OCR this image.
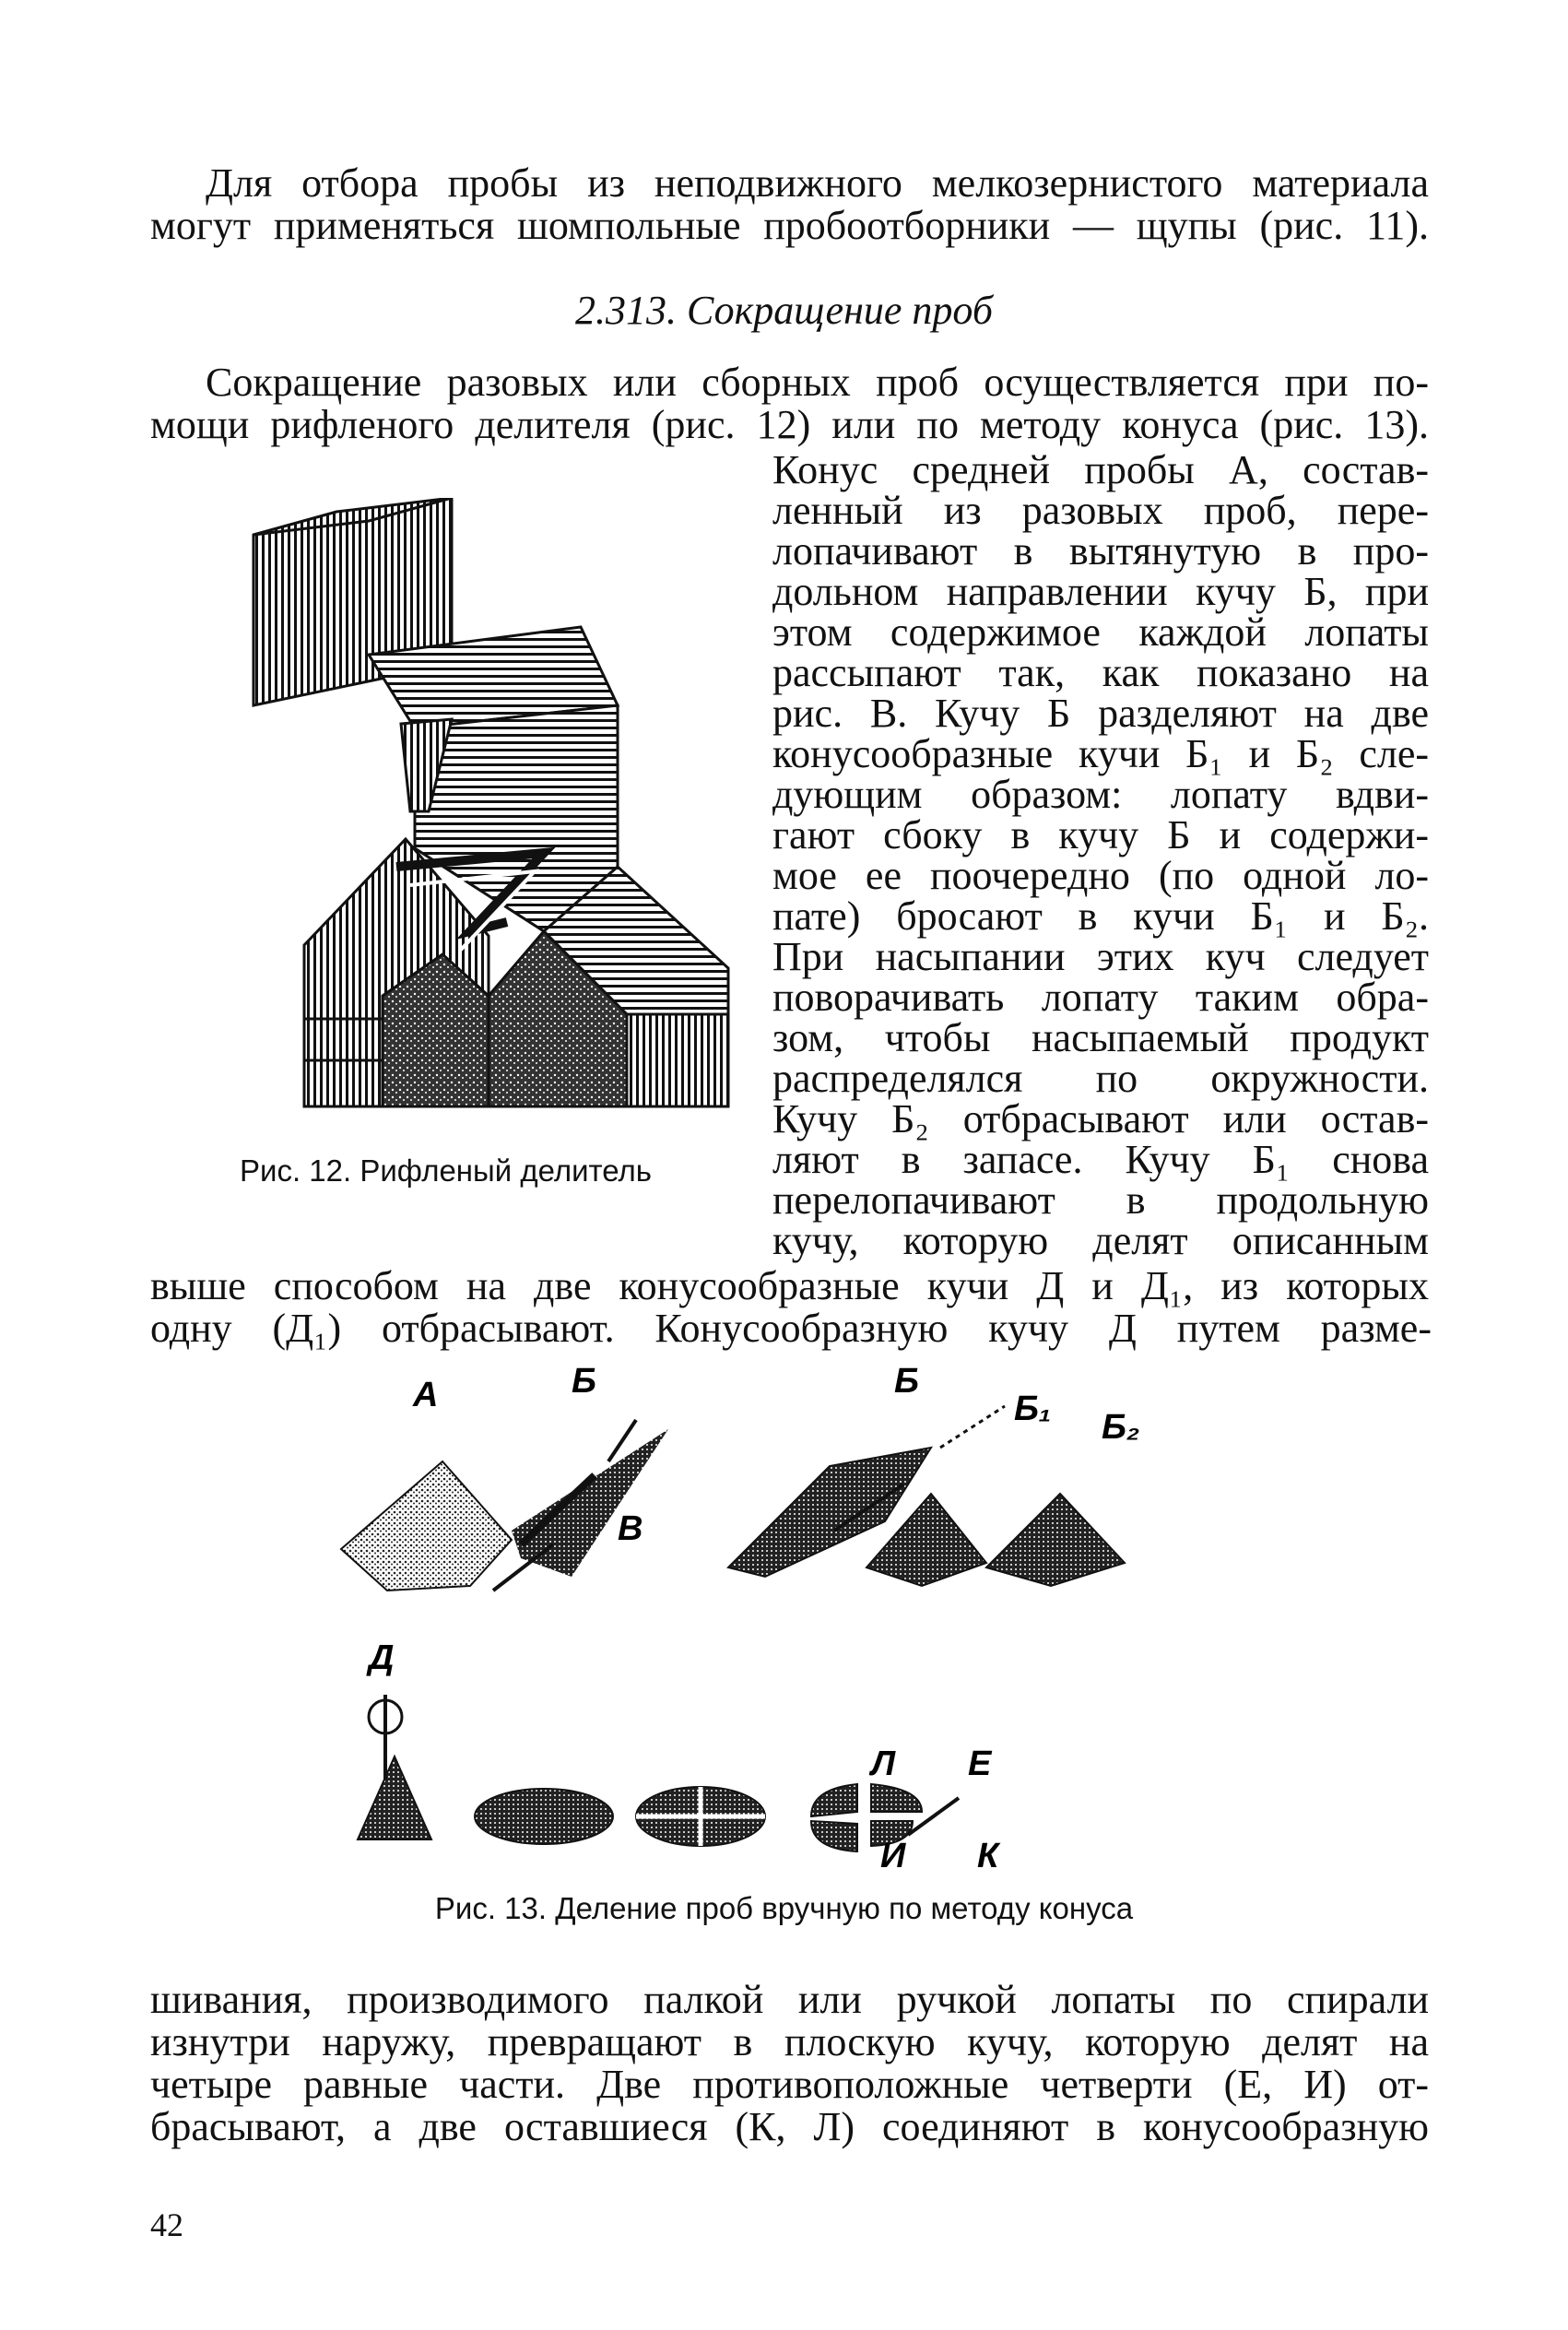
Для отбора пробы из неподвижного мелкозернистого материала
могут применяться шомпольные пробоотборники — щупы (рис. 11).
2.313. Сокращение проб
Сокращение разовых или сборных проб осуществляется при по-
мощи рифленого делителя (рис. 12) или по методу конуса (рис. 13).
Конус средней пробы А, состав-
ленный из разовых проб, пере-
лопачивают в вытянутую в про-
дольном направлении кучу Б, при
этом содержимое каждой лопаты
рассыпают так, как показано на
рис. В. Кучу Б разделяют на две
конусообразные кучи Б₁ и Б₂ сле-
дующим образом: лопату вдви-
гают сбоку в кучу Б и содержи-
мое ее поочередно (по одной ло-
пате) бросают в кучи Б₁ и Б₂.
При насыпании этих куч следует
поворачивать лопату таким обра-
зом, чтобы насыпаемый продукт
распределялся по окружности.
Кучу Б₂ отбрасывают или остав-
ляют в запасе. Кучу Б₁ снова
перелопачивают в продольную
кучу, которую делят описанным
выше способом на две конусообразные кучи Д и Д₁, из которых
одну (Д₁) отбрасывают. Конусообразную кучу Д путем разме-
Рис. 12. Рифленый делитель
А	Б
В
Б
Б₁ Б₂
Д
Л Е
И К
Рис. 13. Деление проб вручную по методу конуса
шивания, производимого палкой или ручкой лопаты по спирали
изнутри наружу, превращают в плоскую кучу, которую делят на
четыре равные части. Две противоположные четверти (Е, И) от-
брасывают, а две оставшиеся (К, Л) соединяют в конусообразную
42
